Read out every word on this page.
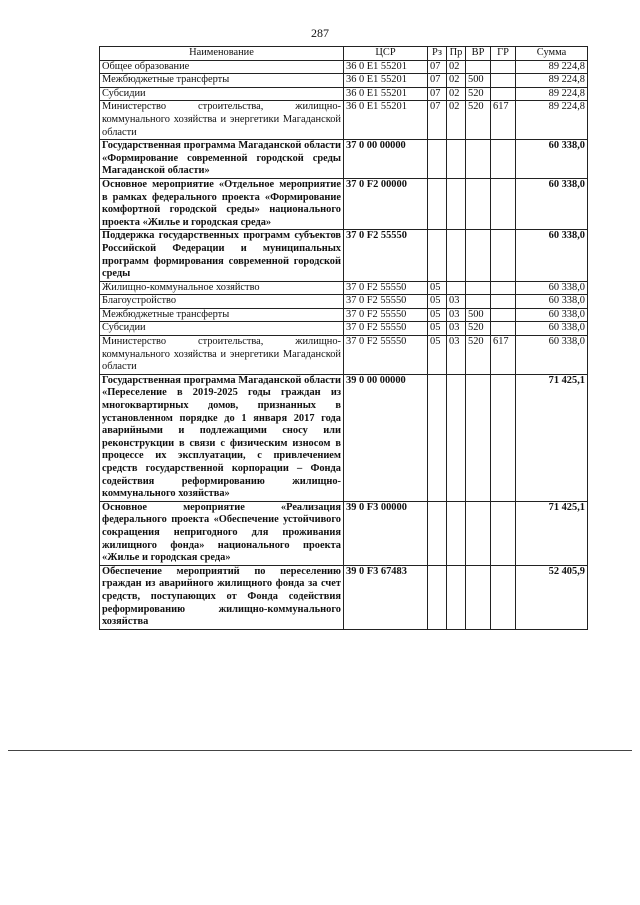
287
Наименование	ЦСР	Рз	Пр	ВР	ГР	Сумма
Общее образование	36 0 E1 55201	07	02			89 224,8
Межбюджетные трансферты	36 0 E1 55201	07	02	500		89 224,8
Субсидии	36 0 E1 55201	07	02	520		89 224,8
Министерство строительства, жилищно-коммунального хозяйства и энергетики Магаданской области	36 0 E1 55201	07	02	520	617	89 224,8
Государственная программа Магаданской области «Формирование современной городской среды Магаданской области»	37 0 00 00000					60 338,0
Основное мероприятие «Отдельное мероприятие в рамках федерального проекта «Формирование комфортной городской среды» национального проекта «Жилье и городская среда»	37 0 F2 00000					60 338,0
Поддержка государственных программ субъектов Российской Федерации и муниципальных программ формирования современной городской среды	37 0 F2 55550					60 338,0
Жилищно-коммунальное хозяйство	37 0 F2 55550	05				60 338,0
Благоустройство	37 0 F2 55550	05	03			60 338,0
Межбюджетные трансферты	37 0 F2 55550	05	03	500		60 338,0
Субсидии	37 0 F2 55550	05	03	520		60 338,0
Министерство строительства, жилищно-коммунального хозяйства и энергетики Магаданской области	37 0 F2 55550	05	03	520	617	60 338,0
Государственная программа Магаданской области «Переселение в 2019-2025 годы граждан из многоквартирных домов, признанных в установленном порядке до 1 января 2017 года аварийными и подлежащими сносу или реконструкции в связи с физическим износом в процессе их эксплуатации, с привлечением средств государственной корпорации – Фонда содействия реформированию жилищно-коммунального хозяйства»	39 0 00 00000					71 425,1
Основное мероприятие «Реализация федерального проекта «Обеспечение устойчивого сокращения непригодного для проживания жилищного фонда» национального проекта «Жилье и городская среда»	39 0 F3 00000					71 425,1
Обеспечение мероприятий по переселению граждан из аварийного жилищного фонда за счет средств, поступающих от Фонда содействия реформированию жилищно-коммунального хозяйства	39 0 F3 67483					52 405,9
